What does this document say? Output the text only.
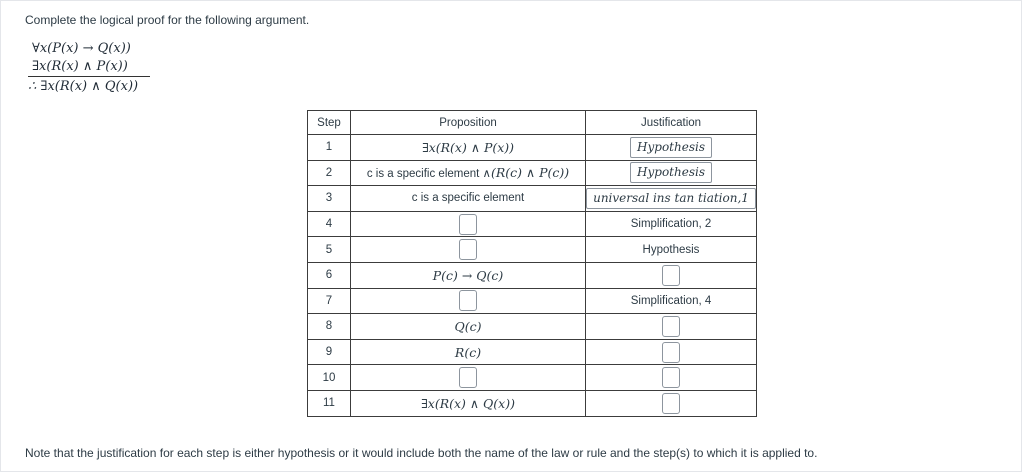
Complete the logical proof for the following argument.
∀x(P(x) → Q(x))
∃x(R(x) ∧ P(x))
∴ ∃x(R(x) ∧ Q(x))
Step	Proposition	Justification
1	∃x(R(x) ∧ P(x))	Hypothesis
2	c is a specific element ∧(R(c) ∧ P(c))	Hypothesis
3	c is a specific element	universal ins tan tiation,1
4		Simplification, 2
5		Hypothesis
6	P(c) → Q(c)	
7		Simplification, 4
8	Q(c)	
9	R(c)	
10		
11	∃x(R(x) ∧ Q(x))	
Note that the justification for each step is either hypothesis or it would include both the name of the law or rule and the step(s) to which it is applied to.
